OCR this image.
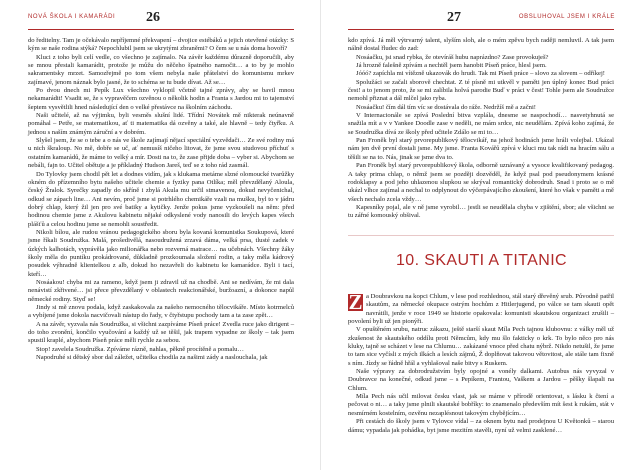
NOVÁ ŠKOLA I KAMARÁDI 26

do ředitelny. Tam je očekávalo nepříjemné překvapení – dvojice estébáků a jejich otevřené otázky: S kým se naše rodina stýká? Nepochlubil jsem se ukrytými zbraněmi? O čem se u nás doma hovoří?

Kluci z toho byli celí vedle, co všechno je zajímalo. Na závěr každému důrazně doporučili, aby se mnou přestali kamarádit, protože je můžu do něčeho špatného namočit… a to by je mohlo sakramentsky mrzet. Samozřejmě po tom všem nebyla naše přátelství do komunismu mrkev zajímavé, jenom náznak bylo jasné, že to schéma se tu bude dívat. Až se…

Po dvou dnech mi Pepík Lux všechno vyklopil včetně tajné zprávy, aby se bavil mnou nekamarádit! Vsadit se, že s vypravěčem ozvěnou o několik hodin a Franta s Jardou mi to tajemství šeptem vysvětlili hned následující den o velké přestávce na školním záchodu.

Naši učitelé, až na výjimku, byli vesměs slušní lidé. Třídní Novátek mě nikterak neúnavně pomáhal – Petře, se matematikou, ať ti matematika dá ozvěny a také, ale hlavně – tedy čtyřku. A jednou s naším známým záruční a v dobrém.

Slyšel jsem, že se o tebe a o nás ve škole zajímají nějací speciální vyzvědači… Ze své rodiny má u nich škraloup. No mě, dobře se uč, ať nemusíš ničeho litovat, že jsme svou studovou příchuť s ostatním kamarádů, že máme to velký a mír. Dosti na to, že zase přijde doba – vyber si. Abychom se nebáli, fajn to. Učitel obětuje a je příkladný Hudson Jareš, teď se z toho rád zasmál.

Do Tylovky jsem chodil pět let a dodnes vidím, jak s klukama metáme slzné olomoucké tvarůžky okném do přízemního bytu našeho učitele chemie a fyziky pana Otlíka; měl převzdělaný Aloula, český Žralok. Syrečky zapadly do skříně i zbylá Akula mu určil stmavenou, dokud nevyčenichal, odkud se zápach line… Ani nevím, proč jsme si potrhlého chemikáře vzali na mušku, byl to v jádru dobrý chlap, který žil jen pro své batiky a kytičky. Jenže pokus jsme vyzkoušeli na něm: před hodinou chemie jsme z Akulovu kabinetu nějaké odkyslené vody nanosili do levých kapes všech plášťů a celou hodinu jsme se nemohli soustředit.

Nikoli bílou, ale rudou vránou pedagogického sboru byla kovaná komunistka Soukupová, které jsme říkali Soudružka. Malá, prošedivělá, nasoudružená zrzavá dáma, velká prsa, tlusté zadek v úzkých kalhotách, vyprávěla jako milionářka nebo rozverná matrace… na učebnách. Všechny žáky školy měla do puntíku prokádrované, důkladně prozkoumala složení rodin, a taky měla kádrový posudek výhradně klientelkou z alb, dokud ho nezavřeli do kabinetu ke kamarádce. Byli i tací, kteří…

Nosáakou! chyba mi za rameno, když jsem ji zdravil už na chodbě. Ani se nedívám, že mi dala nenávistí zkřivené… jsi přece převzdělaný v oblastech reakcionářské, buržoazní, a dokonce napůl německé rodiny. Styď se!

Jindy si mě znovu podala, když zaskakovala za našeho nemocného tělocvikáře. Místo kotrmelců a vybíjené jsme dokola nacvičovali nástup do řady, v čtyřstupu pochody tam a ta zase zpět…

A na závěr, vyzvala nás Soudružka, si všichni zazpíváme Píseň práce! Zvedla ruce jako dirigent – do toho zvonění, končilo vyučování a každý už se těšil, jak trapem vypadne ze školy – tak jsem spustil kraplé, abychom Píseň práce měli rychle za sebou.

Stop! zavelela Soudružka. Zpíváme rázně, nahlas, pěkně procítěně a pomalu…

Napodruhé si dětský sbor dal záležet, učitelka chodila za našimi zády a naslouchala, jak

27	OBSLUHOVAL JSEM I KRÁLE

kdo zpívá. Já měl výtrvarný talent, slyším sloh, ale o mém zpěvu bych raději nemluvil. A tak jsem nálně dostal řludec do zad:

Nosáačku, jsi snad rybka, že otevíráš hubu naprázdno? Zase provokuješ?

Já hrozně falešně zpívám a nechtěl jsem hanobit Píseň práce, hlesl jsem.

Jóóó? zapíchla mi vítězně ukazovák do hrudi. Tak mi Píseň práce – slovo za slovem – odříkej!

Spolužáci se začali sborově chechtat. Z té písně mi utkvěl v paměti jen úplný konec Bud práci čest! a to jenom proto, že se mi zalíbila holvá parodie Buď v práci v čest! Tohle jsem ale Soudružce nemohl přiznat a dál mlčel jako ryba.

Nosáačku! čím dál tím víc se dostávala do ráže. Nedržíš mě a začni!

V Internacionále se zpívá Poslední bitva vzplála, dnesme se naspochodí… nasvetyhnutá se snažila mít a v v Yankee Doodle zase v neděli, ne mám srdce, nic neudělám. Zpívá koho zajímá, že se Soudružka dívá ze školy před učitele Zdálo se mi to…

Pan Froněk byl starý prvorepublikový tělocvikář, na jehož hodinách jsme hráli volejbal. Ukázal nám jen dvě první dostali jsme. My jsme. Franta Kovářů zpívá v kluci mu tak rádi na hracím sálu a těšili se na to. Nás, jinak se jsme dva to.

Pan Froněk byl starý prvorepublikový škola, odborně uznávaný a vysoce kvalifikovaný pedagog. A taky prima chlap, o němž jsem se později dozvěděl, že když psal pod pseudonymem krásné rodoklapsy a pod jeho uhlazenou slupkou se skrýval romantický dobrodruh. Snad i proto se o mě ukázl vlhce zajímal a nechal to odplynout do výčerpávajícího zkoušení, které ho však v paměti a mě všech nechalo zcela vždy…

Kapesníky pojal, ale v ně jsme vyrobil… jestli se neudělala chyba v zjištění, sbor; ale všichni se tu zářné komouský obšival.

10. SKAUTI A TITANIC

Z a Doubravkou na kopci Chlum, v lese pod rozhlednou, stál starý dřevěný srub. Původně patřil skautům, za německé okupace ostrým hochům z Hitlerjugend, po válce se tam skauti opět navrátili, jenže v roce 1949 se historie opakovala: komunisti skautskou organizaci zrušili – povolení byli už jen pionýři.

V opuštěném srubu, natruc zákazu, ještě starší skaut Míla Pech tajnou klubovnu: z války měl už zkušenost že skautského oddílu proti Němcům, kdy mu šlo fakticky o krk. To bylo něco pro nás kluky, tajně se scházet v lese na Chlumu… zakázané vnoce před chatu nýbrž. Nikdo netušil, že jsme to tam sice vyčísli z mých ilkách a lesích zájmů, Ž doplňovat takovou větovitost, ale stále tam fixně s ním. Jízdy se řádně hřál a vyhlašoval naše bitvy s Ruskem.

Naše výpravy za dobrodružstvím byly opojné a vonély dalkami. Autobus nás vyvyzal v Doubravce na konečné, odkud jsme – s Pepíkem, Frantou, Vaškem a Jardou – pěšky šlapali na Chlum.

Míla Pech nás učil milovat česku vlast, jak se máme v přírodě orientovat, s lásku k čtení a pečovat o ni… a taky jsme plnili skautské bobříky: to znamenalo především mít šest k rukám, stát v nesmírném kostelním, ozvěnu nezaplésnout takovým chybějícím…

Při cestách do školy jsem v Tylovce vídal – za oknem bytu nad prodejnou U Květonků – starou dámu; vypadala jak pohádka, byt jsme mezitím stavěli, nyní už velmi zasklené…
